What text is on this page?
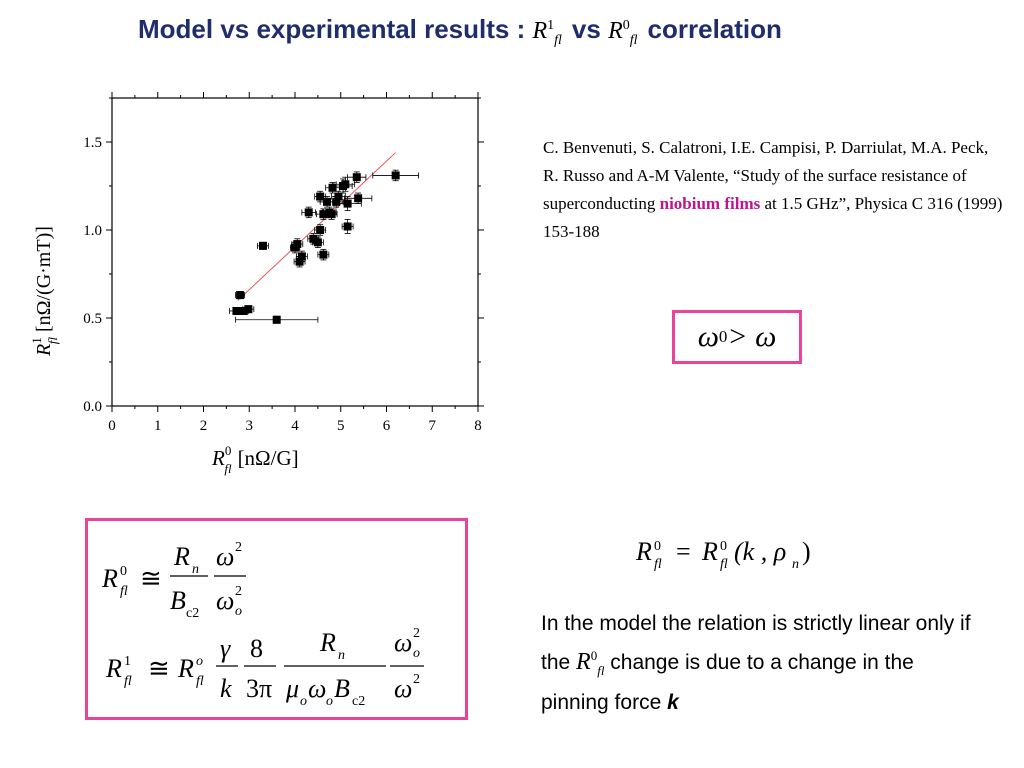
Model vs experimental results : $R^1_{fl}$ vs $R^0_{fl}$ correlation
0	1	2	3	4	5	6	7	8
0.0
0.5
1.0
1.5
$R^0$ fl [nΩ/G]
$R^1fl[n\Omega/(G\cdot mT)]$
C. Benvenuti, S. Calatroni, I.E. Campisi, P. Darriulat, M.A. Peck, R. Russo and A-M Valente, “Study of the surface resistance of superconducting niobium films at 1.5 GHz”, Physica C 316 (1999) 153-188
ω 0 > ω
R 0
fl ≅
R n
B c2
ω 2
ω 2
o
R 1
fl ≅ R o
fl
γ
k
8
3π
R n
μ o ω o B c2
ω 2
o
ω 2
R 0
fl = R 0
fl (k , ρ n )
In the model the relation is strictly linear only if the $R^0_{fl}$ change is due to a change in the pinning force k
